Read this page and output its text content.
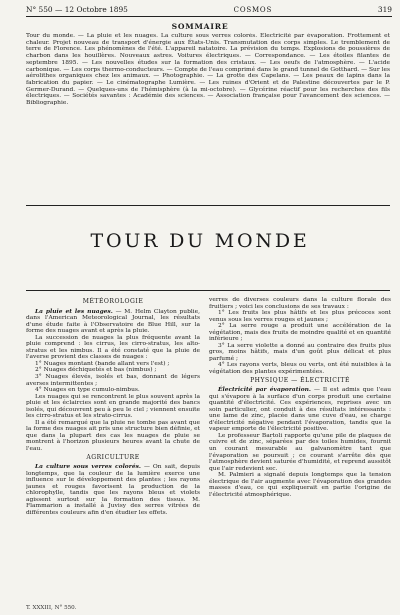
N° 550 — 12 Octobre 1895	COSMOS	319
SOMMAIRE
Tour du monde. — La pluie et les nuages. La culture sous verres colorés. Électricité par évaporation. Frottement et chaleur. Projet nouveau de transport d'énergie aux États-Unis. Transmutation des corps simples. Le tremblement de terre de Florence. Les phénomènes de l'été. L'appareil natatoire. La prévision du temps. Explosions de poussières de charbon dans les houillères. Nouveaux astres. Voitures électriques. — Correspondance. — Les étoiles filantes de septembre 1895. — Les nouvelles études sur la formation des cristaux. — Les oeufs de l'atmosphère. — L'acide carbonique. — Les corps thermo-conducteurs. — Compte de l'eau comprimé dans le grand tunnel de Gotthard. — Sur les aérolithes organiques chez les animaux. — Photographie. — La grotte des Capelans. — Les peaux de lapins dans la fabrication du papier. — Le cinématographe Lumière. — Les ruines d'Orient et de Palestine découvertes par le P. Germer-Durand. — Quelques-uns de l'hémisphère (à la mi-octobre). — Glycérine réactif pour les recherches des fils électriques. — Sociétés savantes : Académie des sciences. — Association française pour l'avancement des sciences. — Bibliographie.
TOUR DU MONDE
MÉTÉOROLOGIE

La pluie et les nuages. — M. Helm Clayton publie, dans l'American Meteorological Journal, les résultats d'une étude faite à l'Observatoire de Blue Hill, sur la forme des nuages avant et après la pluie.

La succession de nuages la plus fréquente avant la pluie comprend : les cirrus, les cirro-stratus, les alto-stratus et les nimbus. Il a été constaté que la pluie de l'averse provient des classes de nuages :

1° Nuages montant (bande allant vers l'est) ;

2° Nuages déchiquetés et bas (nimbus) ;

3° Nuages élevés, isolés et bas, donnant de légers averses intermittentes ;

4° Nuages en type cumulo-nimbus.

Les nuages qui se rencontrent le plus souvent après la pluie et les éclaircies sont en grande majorité des bancs isolés, qui découvrent peu à peu le ciel ; viennent ensuite les cirro-stratus et les strato-cirrus.

Il a été remarqué que la pluie ne tombe pas avant que la forme des nuages ait pris une structure bien définie, et que dans la plupart des cas les nuages de pluie se montrent à l'horizon plusieurs heures avant la chute de l'eau.

AGRICULTURE

La culture sous verres colorés. — On sait, depuis longtemps, que la couleur de la lumière exerce une influence sur le développement des plantes ; les rayons jaunes et rouges favorisent la production de la chlorophylle, tandis que les rayons bleus et violets agissent surtout sur la formation des tissus. M. Flammarion a installé à Juvisy des serres vitrées de différentes couleurs afin d'en étudier les effets.

verres de diverses couleurs dans la culture florale des fruitiers ; voici les conclusions de ses travaux :

1° Les fruits les plus hâtifs et les plus précoces sont venus sous les verres rouges et jaunes ;

2° La serre rouge a produit une accélération de la végétation, mais des fruits de moindre qualité et en quantité inférieure ;

3° La serre violette a donné au contraire des fruits plus gros, moins hâtifs, mais d'un goût plus délicat et plus parfumé ;

4° Les rayons verts, bleus ou verts, ont été nuisibles à la végétation des plantes expérimentées.

PHYSIQUE — ÉLECTRICITÉ

Électricité par évaporation. — Il est admis que l'eau qui s'évapore à la surface d'un corps produit une certaine quantité d'électricité. Ces expériences, reprises avec un soin particulier, ont conduit à des résultats intéressants : une lame de zinc, placée dans une cuve d'eau, se charge d'électricité négative pendant l'évaporation, tandis que la vapeur emporte de l'électricité positive.

Le professeur Bartoli rapporte qu'une pile de plaques de cuivre et de zinc, séparées par des toiles humides, fournit un courant mesurable au galvanomètre tant que l'évaporation se poursuit ; ce courant s'arrête dès que l'atmosphère devient saturée d'humidité, et reprend aussitôt que l'air redevient sec.

M. Palmieri a signalé depuis longtemps que la tension électrique de l'air augmente avec l'évaporation des grandes masses d'eau, ce qui expliquerait en partie l'origine de l'électricité atmosphérique.

T. XXXIII, N° 550.
